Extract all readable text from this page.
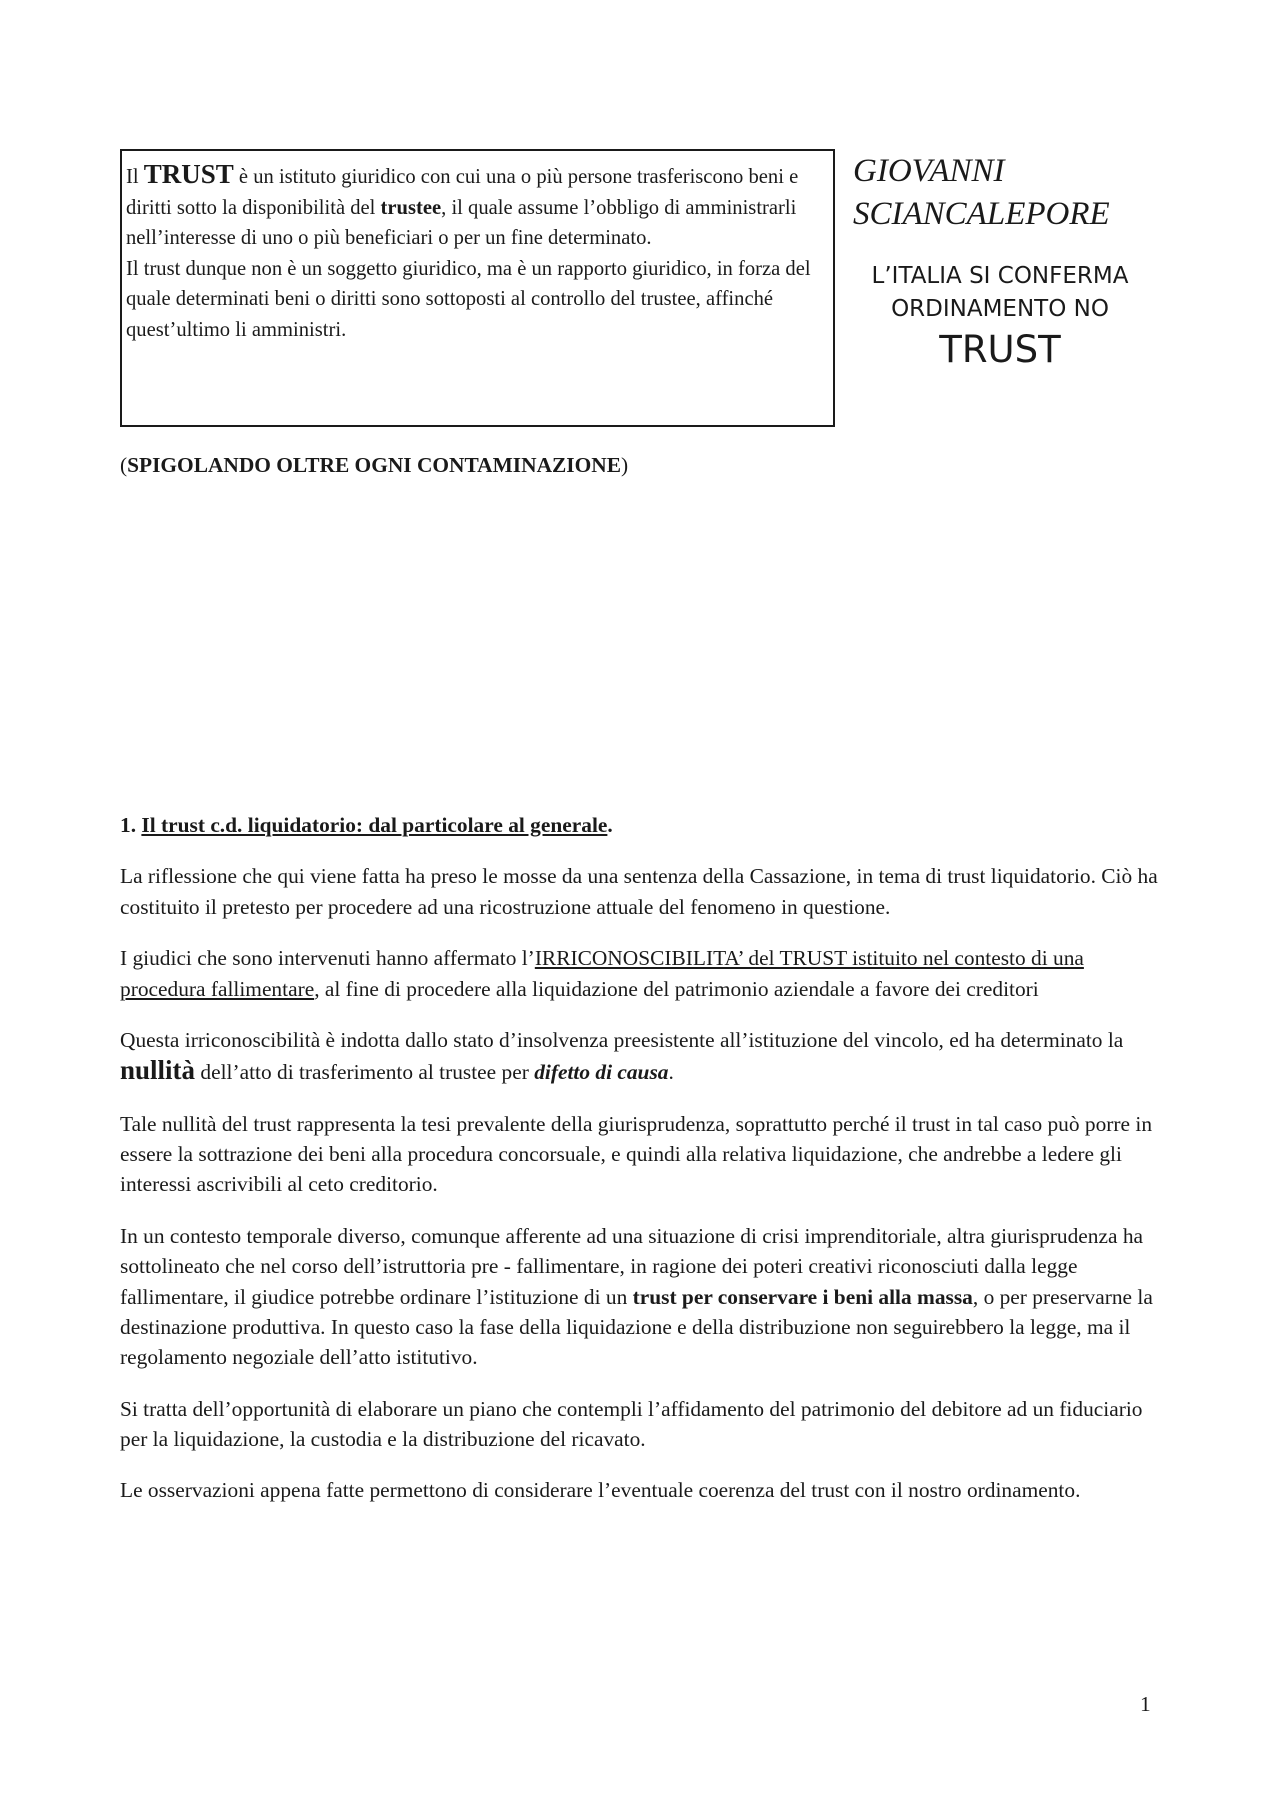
Il TRUST è un istituto giuridico con cui una o più persone trasferiscono beni e diritti sotto la disponibilità del trustee, il quale assume l’obbligo di amministrarli nell’interesse di uno o più beneficiari o per un fine determinato.

Il trust dunque non è un soggetto giuridico, ma è un rapporto giuridico, in forza del quale determinati beni o diritti sono sottoposti al controllo del trustee, affinché quest’ultimo li amministri.

GIOVANNI
SCIANCALEPORE
L’ITALIA SI CONFERMA
ORDINAMENTO NO
TRUST
(SPIGOLANDO OLTRE OGNI CONTAMINAZIONE)

1. Il trust c.d. liquidatorio: dal particolare al generale.

La riflessione che qui viene fatta ha preso le mosse da una sentenza della Cassazione, in tema di trust liquidatorio. Ciò ha costituito il pretesto per procedere ad una ricostruzione attuale del fenomeno in questione.

I giudici che sono intervenuti hanno affermato l’IRRICONOSCIBILITA’ del TRUST istituito nel contesto di una procedura fallimentare, al fine di procedere alla liquidazione del patrimonio aziendale a favore dei creditori

Questa irriconoscibilità è indotta dallo stato d’insolvenza preesistente all’istituzione del vincolo, ed ha determinato la nullità dell’atto di trasferimento al trustee per difetto di causa.

Tale nullità del trust rappresenta la tesi prevalente della giurisprudenza, soprattutto perché il trust in tal caso può porre in essere la sottrazione dei beni alla procedura concorsuale, e quindi alla relativa liquidazione, che andrebbe a ledere gli interessi ascrivibili al ceto creditorio.

In un contesto temporale diverso, comunque afferente ad una situazione di crisi imprenditoriale, altra giurisprudenza ha sottolineato che nel corso dell’istruttoria pre - fallimentare, in ragione dei poteri creativi riconosciuti dalla legge fallimentare, il giudice potrebbe ordinare l’istituzione di un trust per conservare i beni alla massa, o per preservarne la destinazione produttiva. In questo caso la fase della liquidazione e della distribuzione non seguirebbero la legge, ma il regolamento negoziale dell’atto istitutivo.

Si tratta dell’opportunità di elaborare un piano che contempli l’affidamento del patrimonio del debitore ad un fiduciario per la liquidazione, la custodia e la distribuzione del ricavato.

Le osservazioni appena fatte permettono di considerare l’eventuale coerenza del trust con il nostro ordinamento.

1
